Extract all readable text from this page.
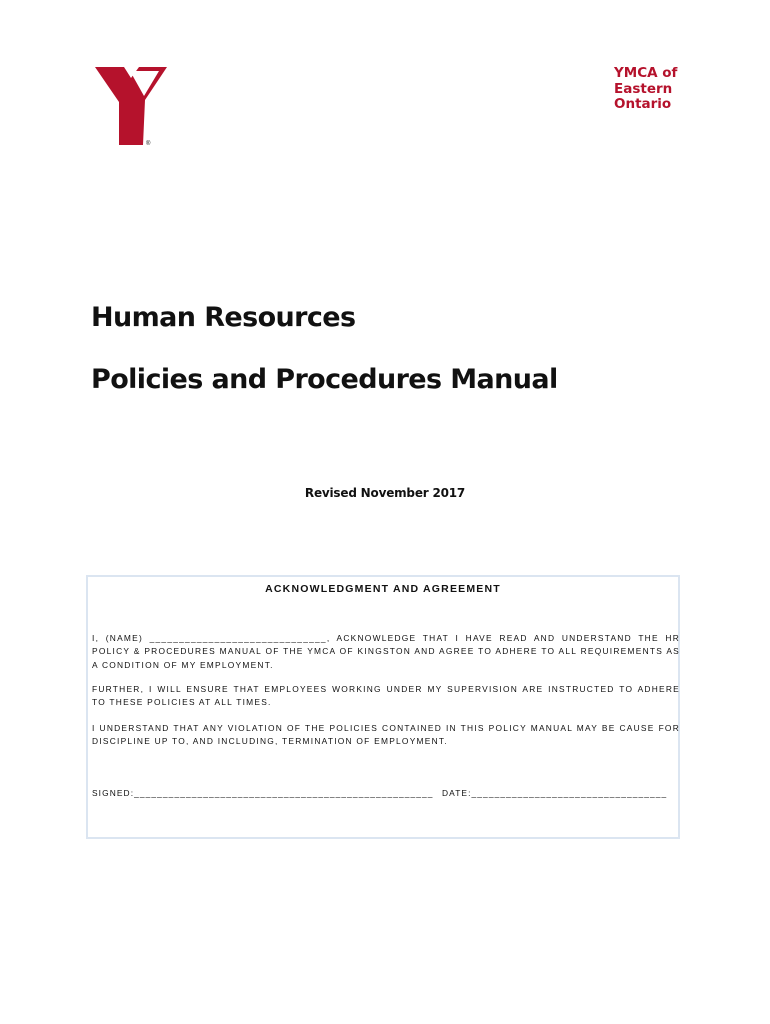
®
YMCA of
Eastern
Ontario
Human Resources
Policies and Procedures Manual
Revised November 2017
ACKNOWLEDGMENT AND AGREEMENT

I, (NAME) ______________________________, ACKNOWLEDGE THAT I HAVE READ AND UNDERSTAND THE HR POLICY & PROCEDURES MANUAL OF THE YMCA OF KINGSTON AND AGREE TO ADHERE TO ALL REQUIREMENTS AS A CONDITION OF MY EMPLOYMENT.

FURTHER, I WILL ENSURE THAT EMPLOYEES WORKING UNDER MY SUPERVISION ARE INSTRUCTED TO ADHERE TO THESE POLICIES AT ALL TIMES.

I UNDERSTAND THAT ANY VIOLATION OF THE POLICIES CONTAINED IN THIS POLICY MANUAL MAY BE CAUSE FOR DISCIPLINE UP TO, AND INCLUDING, TERMINATION OF EMPLOYMENT.

SIGNED:____________________________________________________ DATE:__________________________________
